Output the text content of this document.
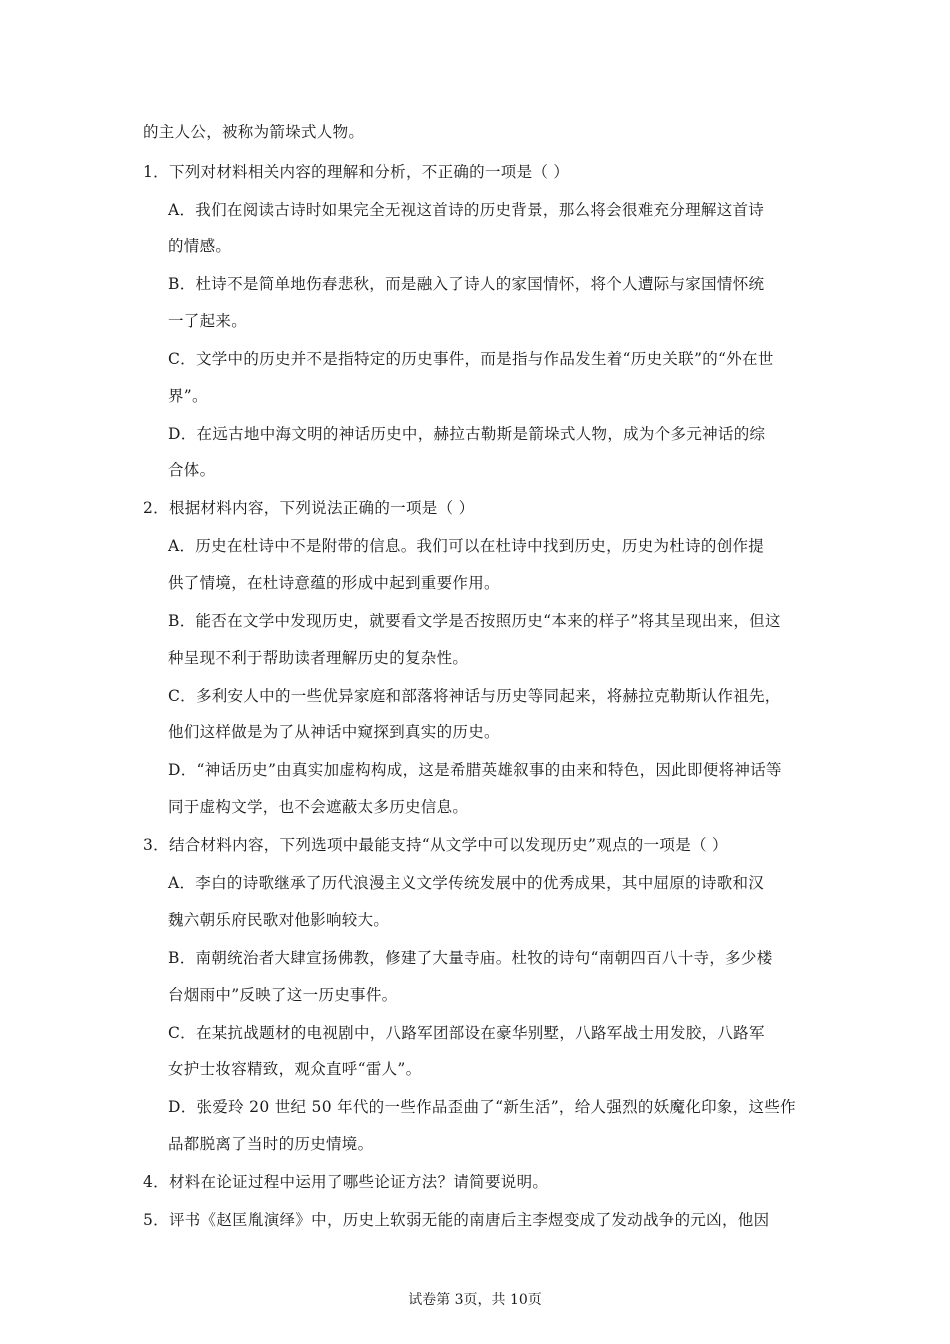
的主人公，被称为箭垛式人物。
1．下列对材料相关内容的理解和分析，不正确的一项是（ ）
A．我们在阅读古诗时如果完全无视这首诗的历史背景，那么将会很难充分理解这首诗
的情感。
B．杜诗不是简单地伤春悲秋，而是融入了诗人的家国情怀，将个人遭际与家国情怀统
一了起来。
C．文学中的历史并不是指特定的历史事件，而是指与作品发生着“历史关联”的“外在世
界”。
D．在远古地中海文明的神话历史中，赫拉古勒斯是箭垛式人物，成为个多元神话的综
合体。
2．根据材料内容，下列说法正确的一项是（ ）
A．历史在杜诗中不是附带的信息。我们可以在杜诗中找到历史，历史为杜诗的创作提
供了情境，在杜诗意蕴的形成中起到重要作用。
B．能否在文学中发现历史，就要看文学是否按照历史“本来的样子”将其呈现出来，但这
种呈现不利于帮助读者理解历史的复杂性。
C．多利安人中的一些优异家庭和部落将神话与历史等同起来，将赫拉克勒斯认作祖先，
他们这样做是为了从神话中窥探到真实的历史。
D．“神话历史”由真实加虚构构成，这是希腊英雄叙事的由来和特色，因此即便将神话等
同于虚构文学，也不会遮蔽太多历史信息。
3．结合材料内容，下列选项中最能支持“从文学中可以发现历史”观点的一项是（ ）
A．李白的诗歌继承了历代浪漫主义文学传统发展中的优秀成果，其中屈原的诗歌和汉
魏六朝乐府民歌对他影响较大。
B．南朝统治者大肆宣扬佛教，修建了大量寺庙。杜牧的诗句“南朝四百八十寺，多少楼
台烟雨中”反映了这一历史事件。
C．在某抗战题材的电视剧中，八路军团部设在豪华别墅，八路军战士用发胶，八路军
女护士妆容精致，观众直呼“雷人”。
D．张爱玲 20 世纪 50 年代的一些作品歪曲了“新生活”，给人强烈的妖魔化印象，这些作
品都脱离了当时的历史情境。
4．材料在论证过程中运用了哪些论证方法？请简要说明。
5．评书《赵匡胤演绎》中，历史上软弱无能的南唐后主李煜变成了发动战争的元凶，他因
试卷第 3页，共 10页
